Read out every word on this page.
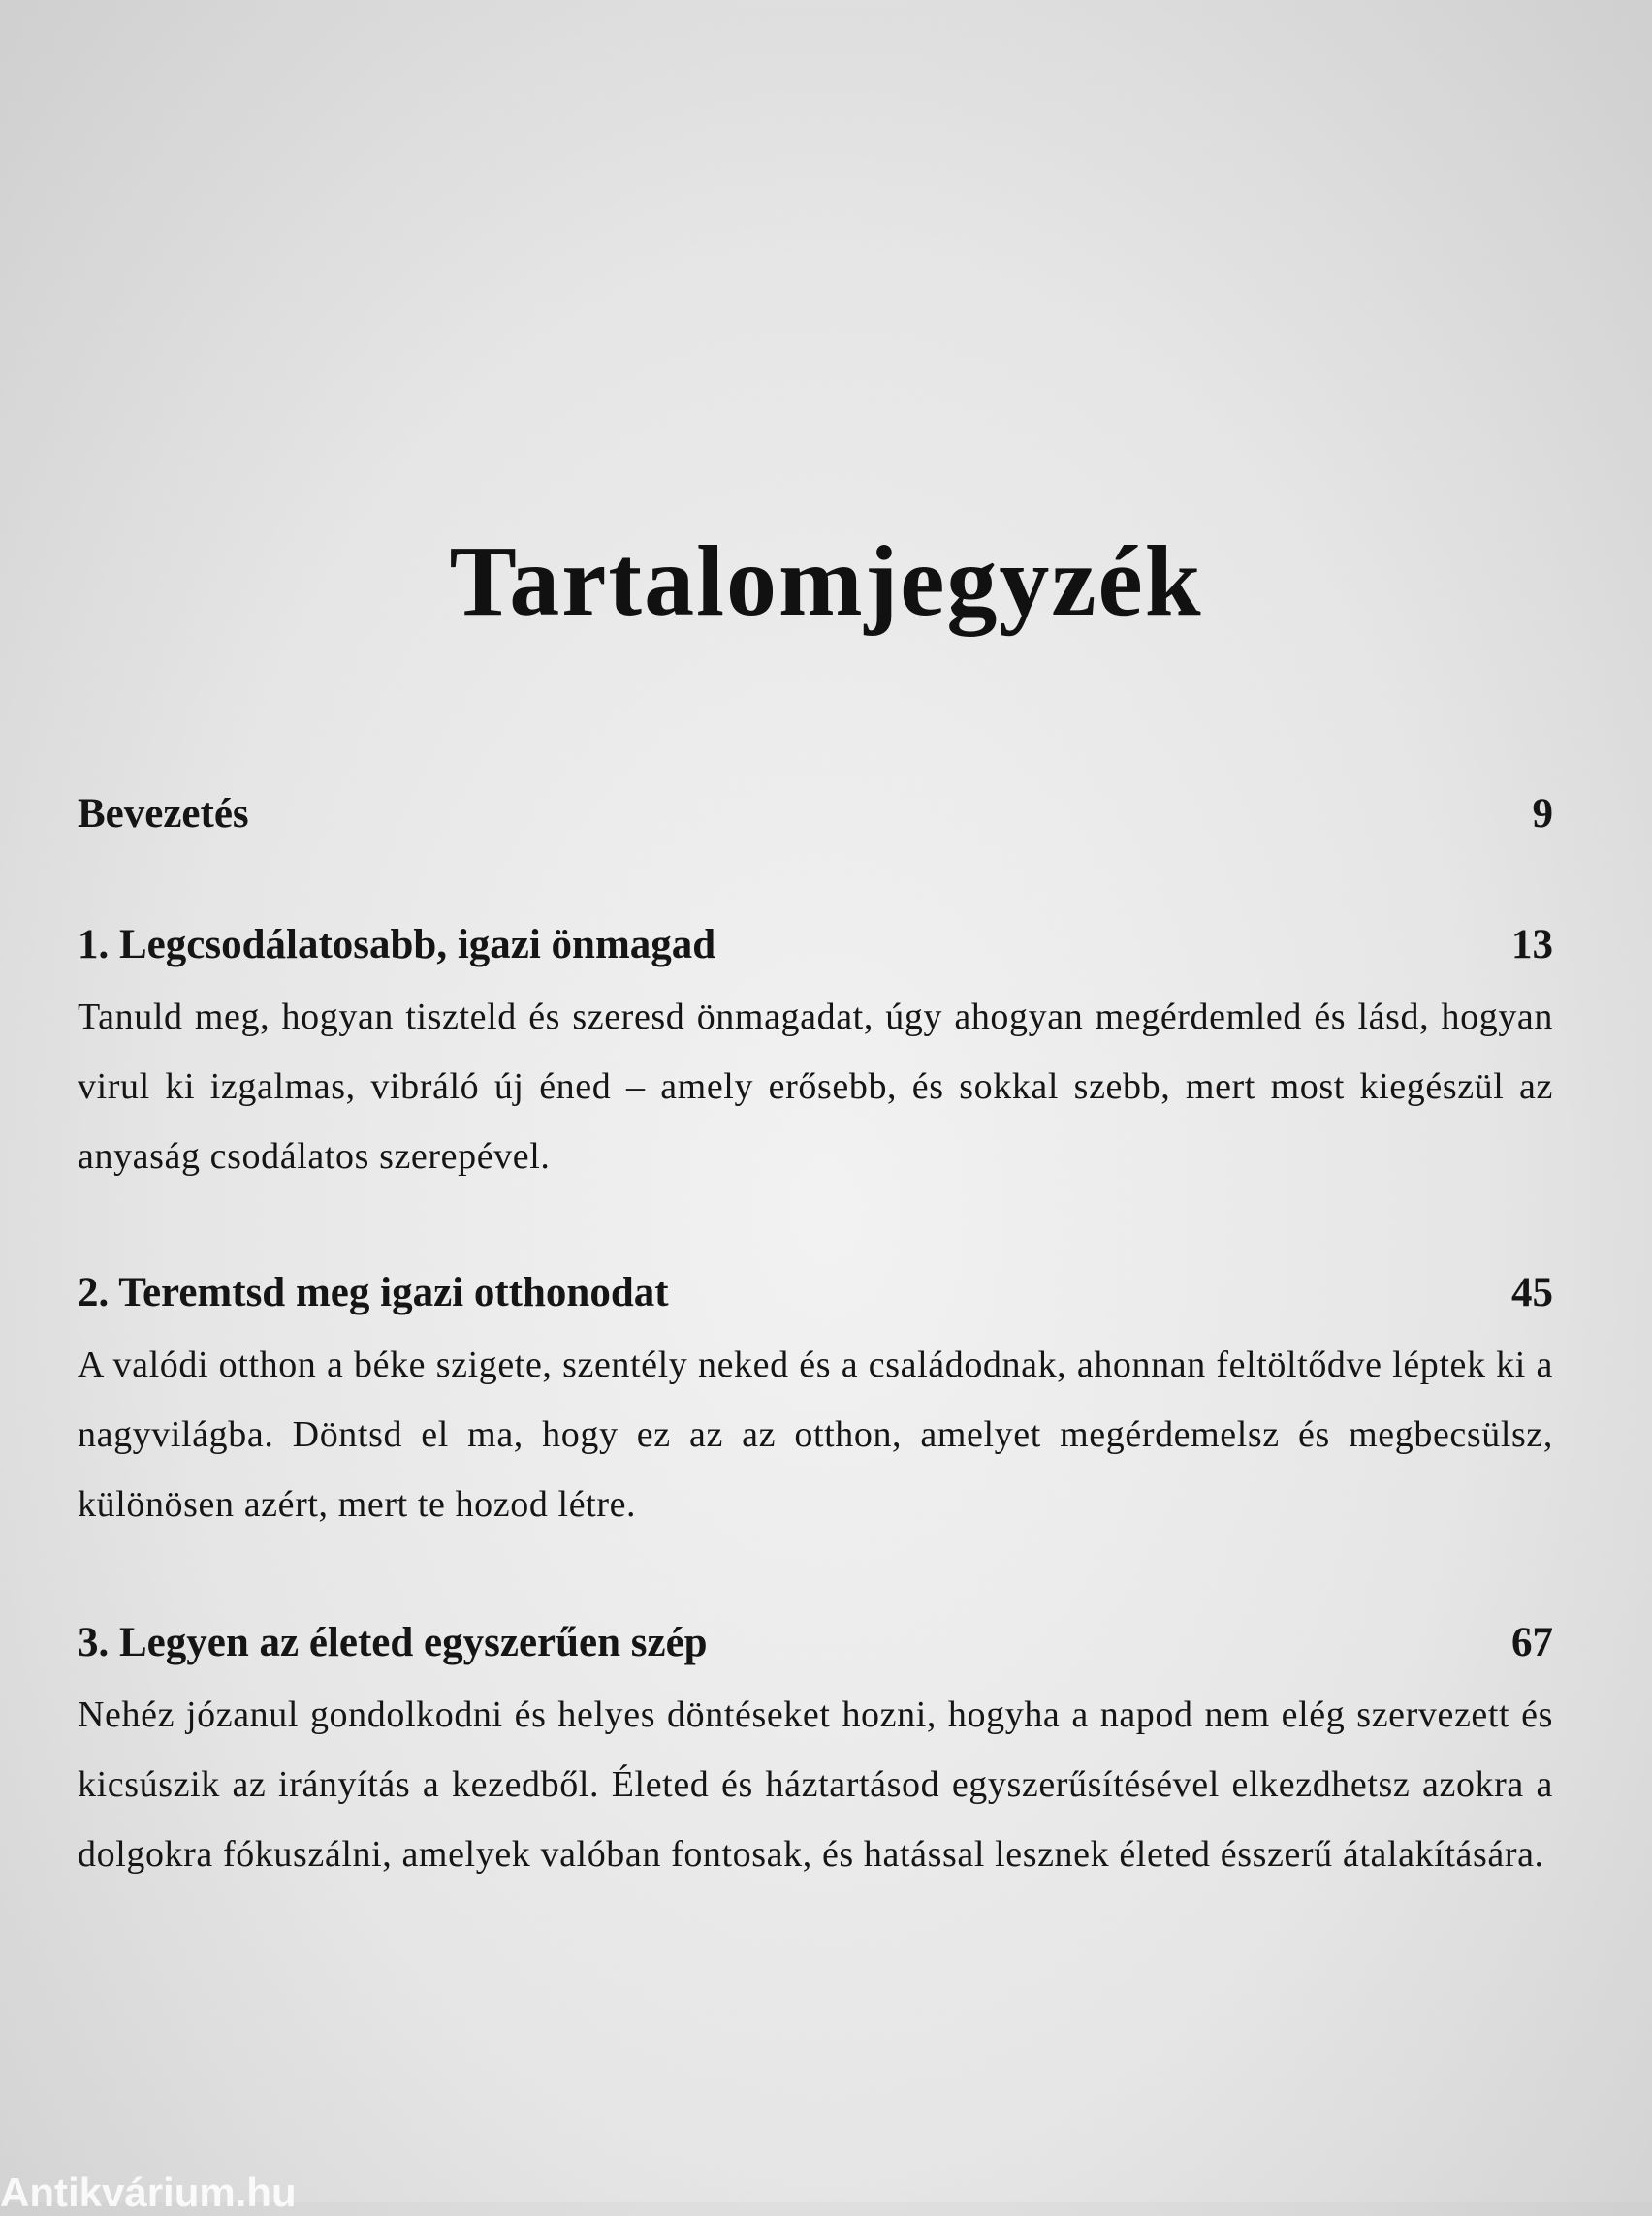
Tartalomjegyzék
Bevezetés	9
1. Legcsodálatosabb, igazi önmagad	13

Tanuld meg, hogyan tiszteld és szeresd önmagadat, úgy ahogyan megérdemled és lásd, hogyan virul ki izgalmas, vibráló új éned – amely erősebb, és sokkal szebb, mert most kiegészül az anyaság csodálatos szerepével.

2. Teremtsd meg igazi otthonodat	45

A valódi otthon a béke szigete, szentély neked és a családodnak, ahonnan feltöltődve léptek ki a nagyvilágba. Döntsd el ma, hogy ez az az otthon, amelyet megérdemelsz és megbecsülsz, különösen azért, mert te hozod létre.

3. Legyen az életed egyszerűen szép	67

Nehéz józanul gondolkodni és helyes döntéseket hozni, hogyha a napod nem elég szervezett és kicsúszik az irányítás a kezedből. Életed és háztartásod egyszerűsítésével elkezdhetsz azokra a dolgokra fókuszálni, amelyek valóban fontosak, és hatással lesznek életed ésszerű átalakítására.

Antikvárium.hu
